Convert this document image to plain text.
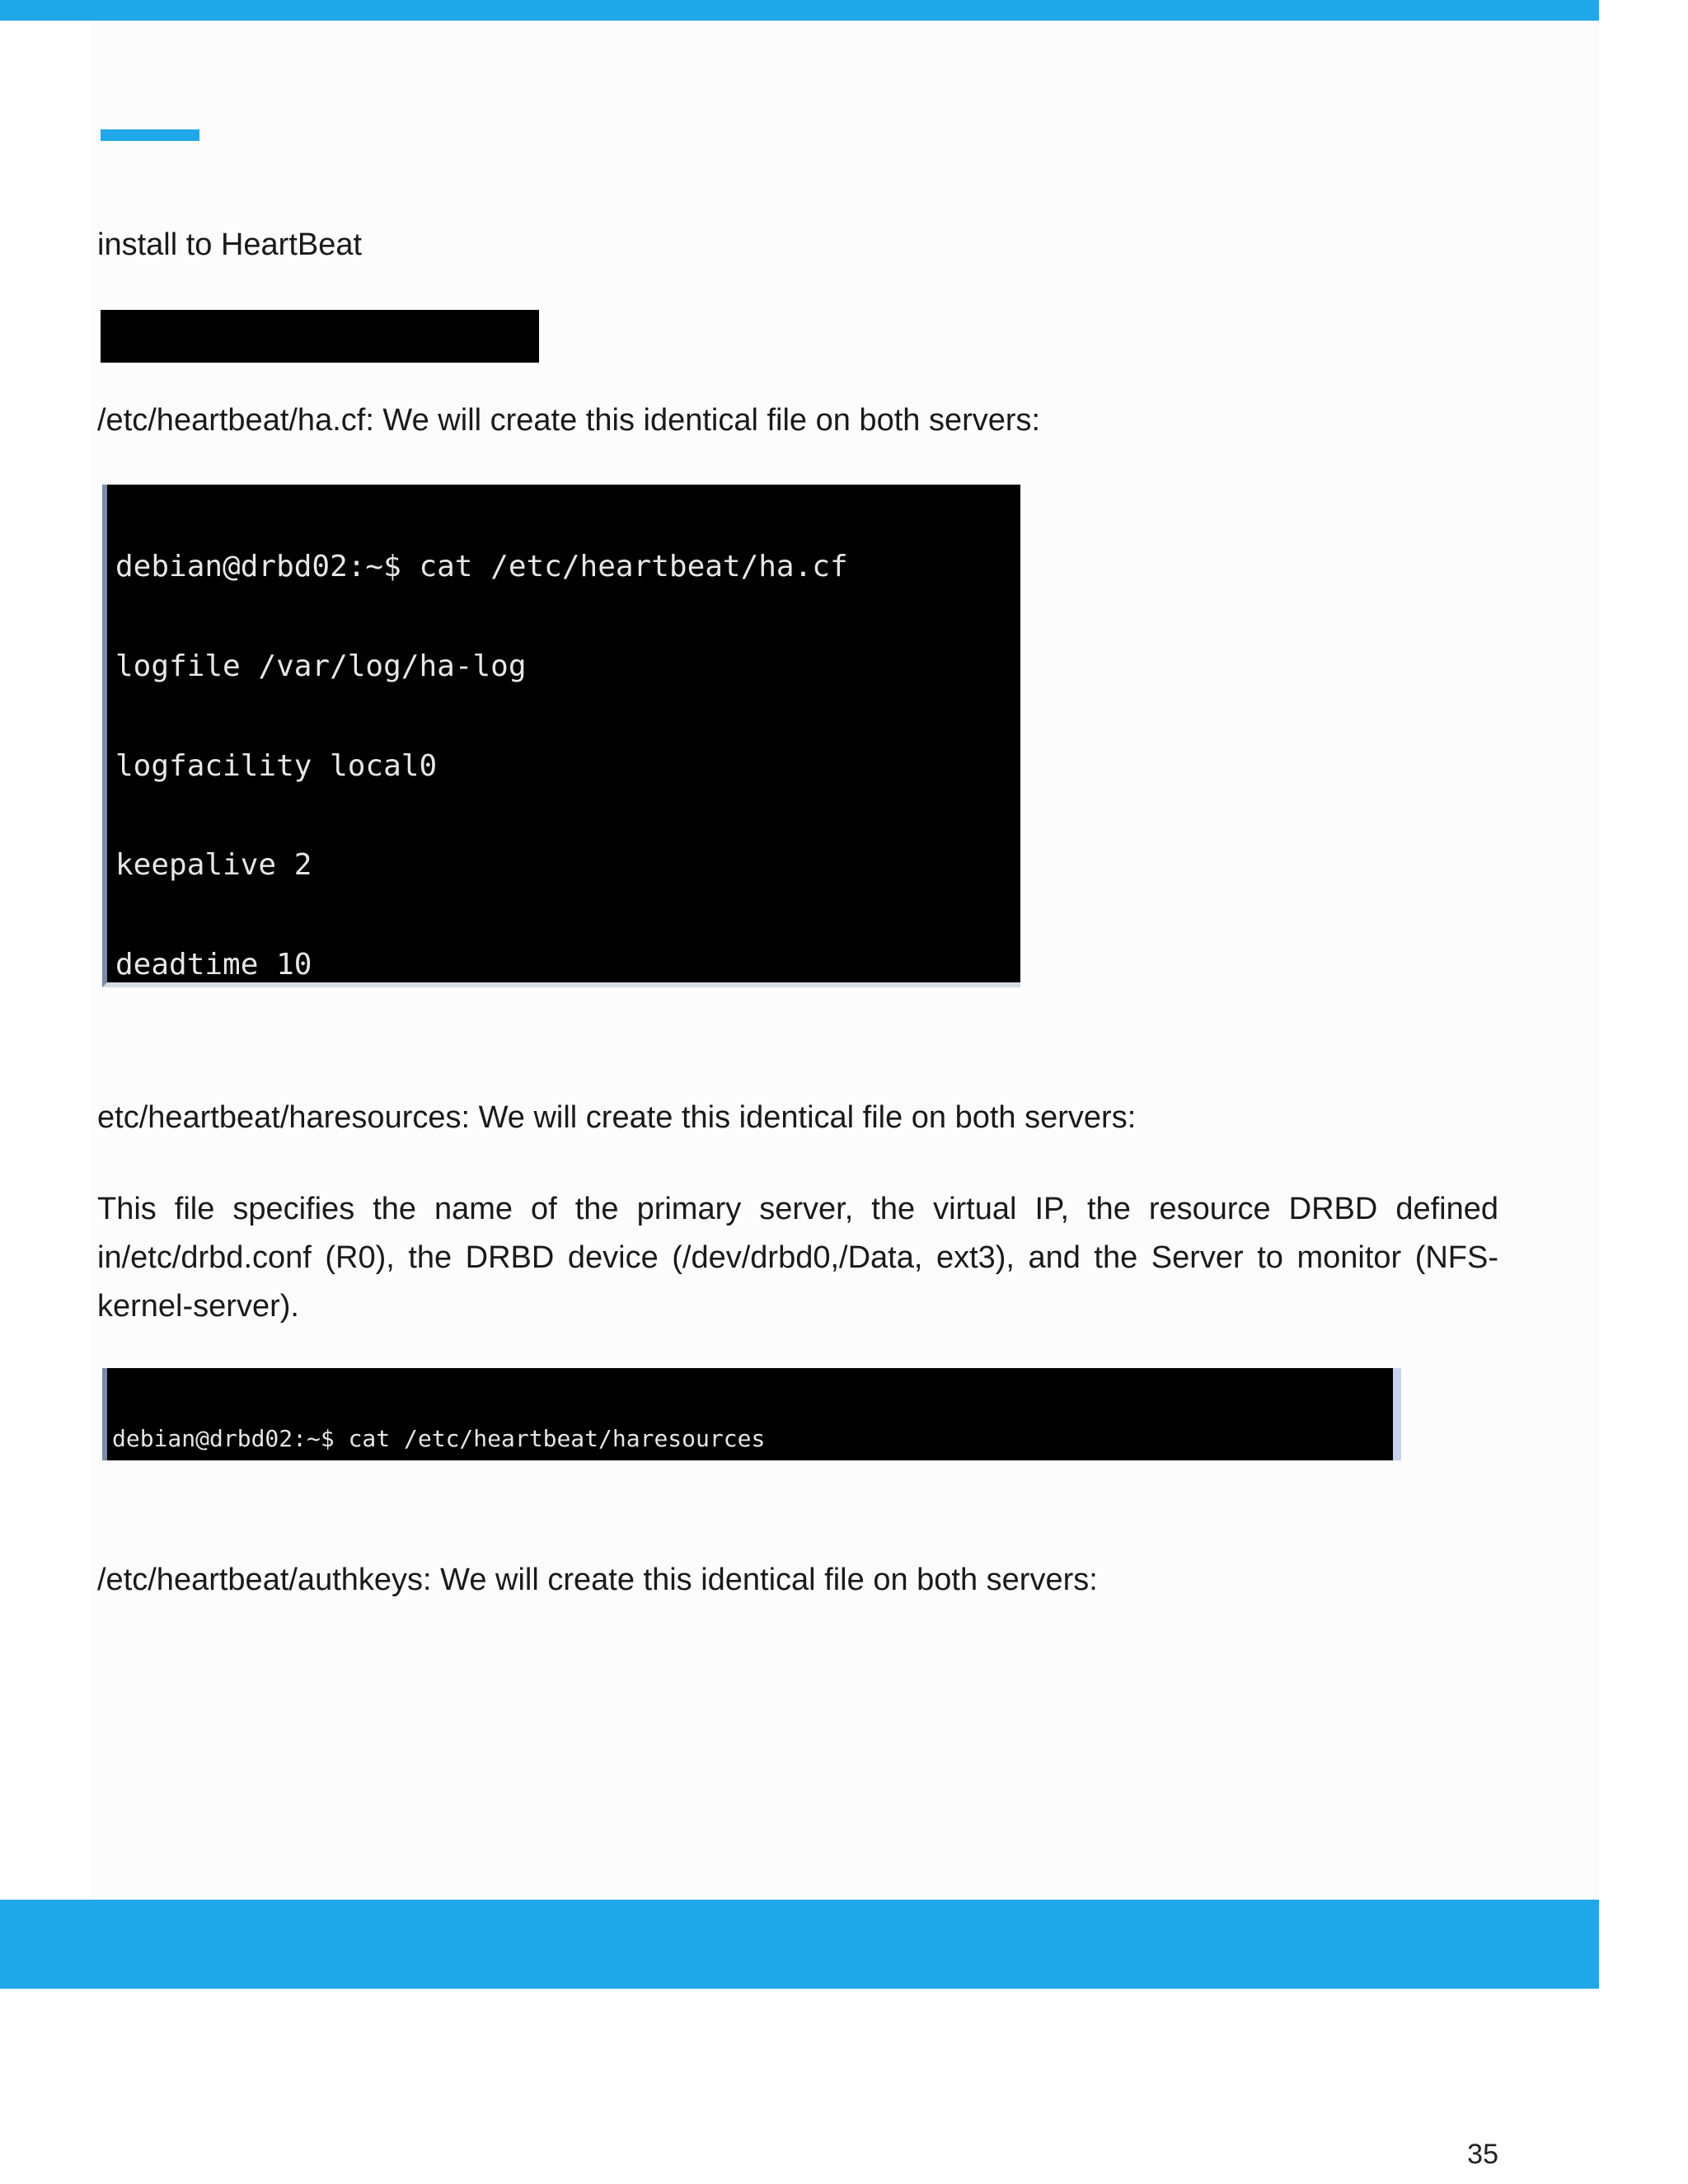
install to HeartBeat

/etc/heartbeat/ha.cf: We will create this identical file on both servers:

debian@drbd02:~$ cat /etc/heartbeat/ha.cf

logfile /var/log/ha-log

logfacility local0

keepalive 2

deadtime 10

etc/heartbeat/haresources: We will create this identical file on both servers:
This file specifies the name of the primary server, the virtual IP, the resource DRBD defined in/etc/drbd.conf (R0), the DRBD device (/dev/drbd0,/Data, ext3), and the Server to monitor (NFS-kernel-server).

debian@drbd02:~$ cat /etc/heartbeat/haresources

/etc/heartbeat/authkeys: We will create this identical file on both servers:
35
